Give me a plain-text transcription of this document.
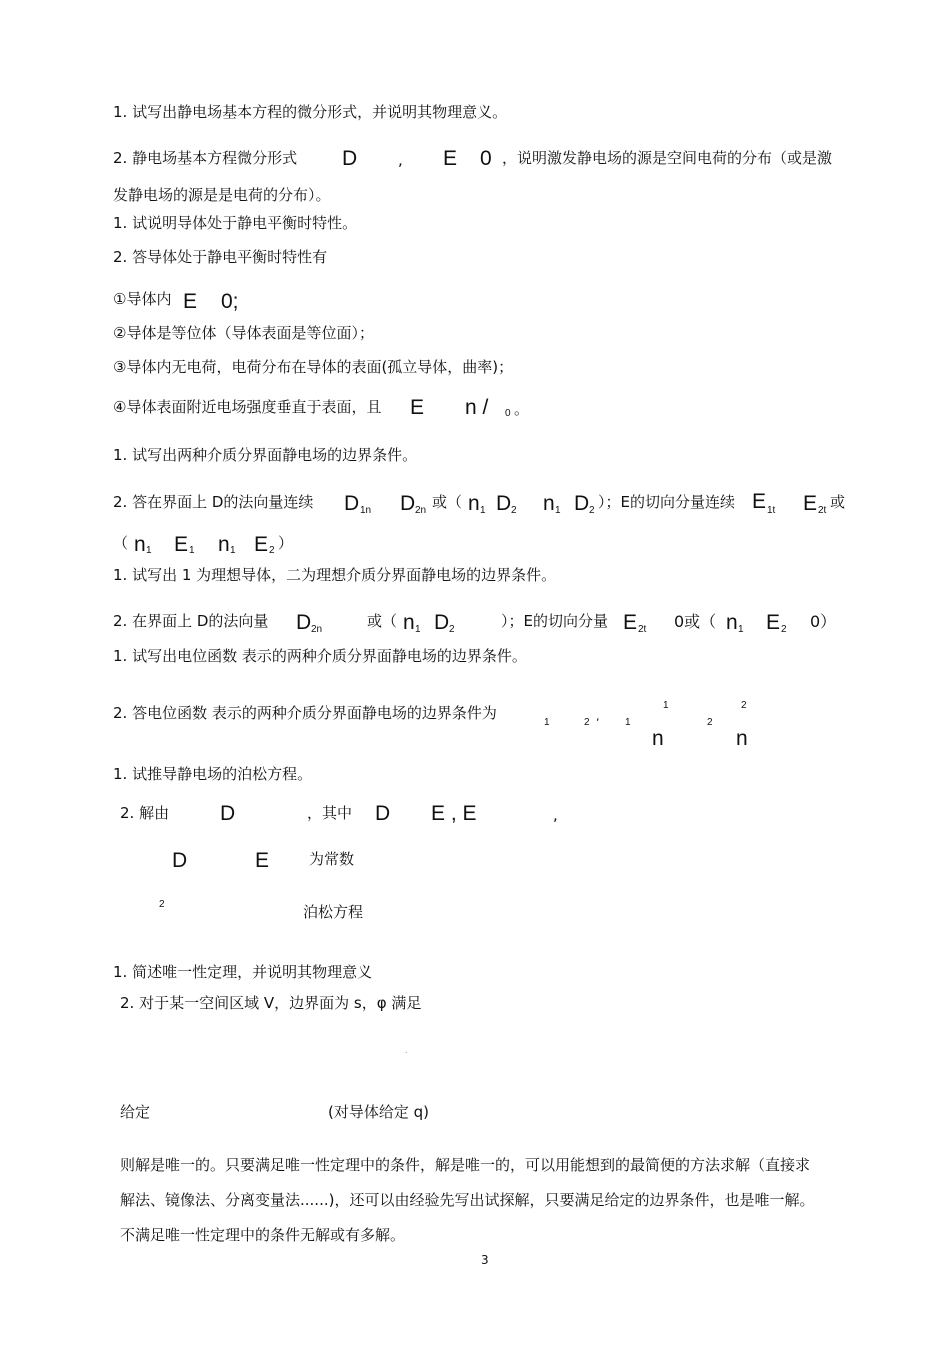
1. 试写出静电场基本方程的微分形式，并说明其物理意义。
2. 静电场基本方程微分形式 D	, E 0 ，说明激发静电场的源是空间电荷的分布（或是激
发静电场的源是是电荷的分布）。
1. 试说明导体处于静电平衡时特性。
2. 答导体处于静电平衡时特性有
①导体内 E 0;
②导体是等位体（导体表面是等位面）；
③导体内无电荷，电荷分布在导体的表面(孤立导体，曲率)；
④导体表面附近电场强度垂直于表面，且 E n / 0 。
1. 试写出两种介质分界面静电场的边界条件。
2. 答在界面上 D的法向量连续 D 1n D 2n 或（ n 1 D 2 n 1 D 2 ）；E的切向分量连续 E 1t E 2t 或
（ n 1 E 1 n 1 E 2 ）
1. 试写出 1 为理想导体，二为理想介质分界面静电场的边界条件。
2. 在界面上 D的法向量 D 2n	或（ n 1 D 2	）；E的切向分量 E 2t 0或（ n 1 E 2 0）
1. 试写出电位函数 表示的两种介质分界面静电场的边界条件。
2. 答电位函数 表示的两种介质分界面静电场的边界条件为
1	2 ,	1
1
n
2
2
n
1. 试推导静电场的泊松方程。
2. 解由 D	，其中 D E , E	,
D	E	为常数
2	泊松方程
1. 简述唯一性定理，并说明其物理意义
2. 对于某一空间区域 V，边界面为 s，φ 满足
.
给定	(对导体给定 q)
则解是唯一的。只要满足唯一性定理中的条件，解是唯一的，可以用能想到的最简便的方法求解（直接求
解法、镜像法、分离变量法......)，还可以由经验先写出试探解，只要满足给定的边界条件，也是唯一解。
不满足唯一性定理中的条件无解或有多解。
3
